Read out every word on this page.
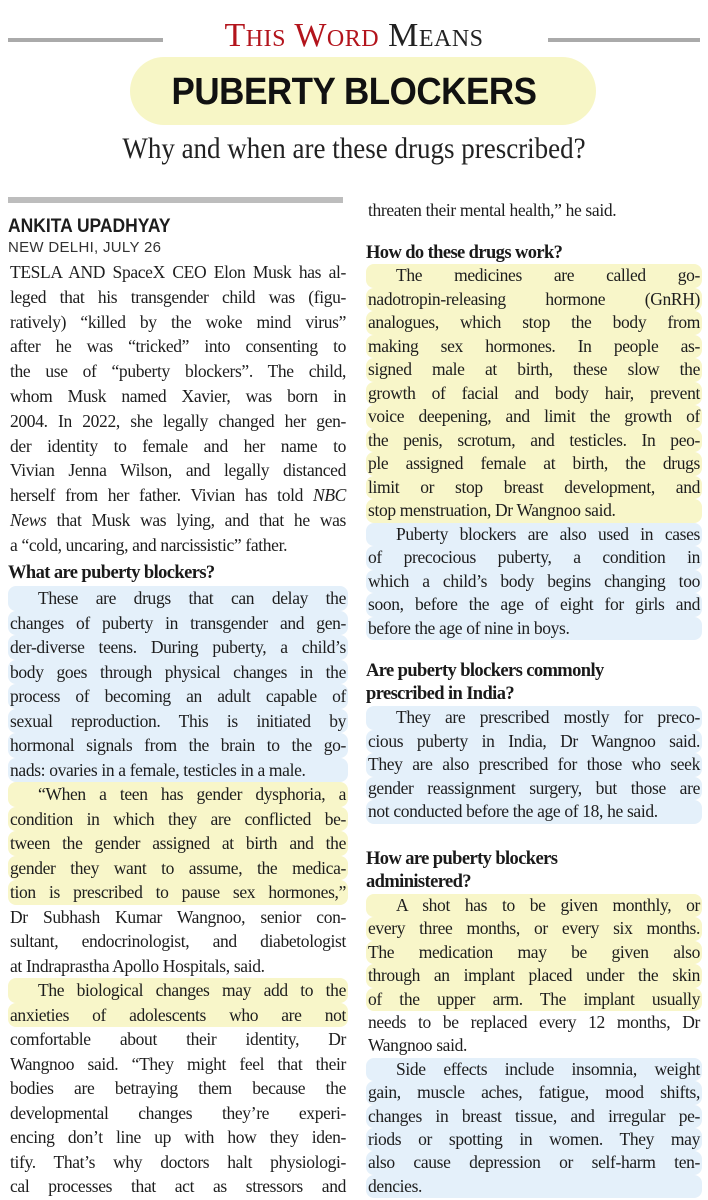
This Word Means
PUBERTY BLOCKERS
Why and when are these drugs prescribed?
ANKITA UPADHYAY
NEW DELHI, JULY 26
TESLA AND SpaceX CEO Elon Musk has al-
leged that his transgender child was (figu-
ratively) “killed by the woke mind virus”
after he was “tricked” into consenting to
the use of “puberty blockers”. The child,
whom Musk named Xavier, was born in
2004. In 2022, she legally changed her gen-
der identity to female and her name to
Vivian Jenna Wilson, and legally distanced
herself from her father. Vivian has told NBC
News that Musk was lying, and that he was
a “cold, uncaring, and narcissistic” father.
What are puberty blockers?
These are drugs that can delay the
changes of puberty in transgender and gen-
der-diverse teens. During puberty, a child’s
body goes through physical changes in the
process of becoming an adult capable of
sexual reproduction. This is initiated by
hormonal signals from the brain to the go-
nads: ovaries in a female, testicles in a male.
“When a teen has gender dysphoria, a
condition in which they are conflicted be-
tween the gender assigned at birth and the
gender they want to assume, the medica-
tion is prescribed to pause sex hormones,”
Dr Subhash Kumar Wangnoo, senior con-
sultant, endocrinologist, and diabetologist
at Indraprastha Apollo Hospitals, said.
The biological changes may add to the
anxieties of adolescents who are not
comfortable about their identity, Dr
Wangnoo said. “They might feel that their
bodies are betraying them because the
developmental changes they’re experi-
encing don’t line up with how they iden-
tify. That’s why doctors halt physiologi-
cal processes that act as stressors and
threaten their mental health,” he said.
How do these drugs work?
The medicines are called go-
nadotropin-releasing hormone (GnRH)
analogues, which stop the body from
making sex hormones. In people as-
signed male at birth, these slow the
growth of facial and body hair, prevent
voice deepening, and limit the growth of
the penis, scrotum, and testicles. In peo-
ple assigned female at birth, the drugs
limit or stop breast development, and
stop menstruation, Dr Wangnoo said.
Puberty blockers are also used in cases
of precocious puberty, a condition in
which a child’s body begins changing too
soon, before the age of eight for girls and
before the age of nine in boys.
Are puberty blockers commonly
prescribed in India?
They are prescribed mostly for preco-
cious puberty in India, Dr Wangnoo said.
They are also prescribed for those who seek
gender reassignment surgery, but those are
not conducted before the age of 18, he said.
How are puberty blockers
administered?
A shot has to be given monthly, or
every three months, or every six months.
The medication may be given also
through an implant placed under the skin
of the upper arm. The implant usually
needs to be replaced every 12 months, Dr
Wangnoo said.
Side effects include insomnia, weight
gain, muscle aches, fatigue, mood shifts,
changes in breast tissue, and irregular pe-
riods or spotting in women. They may
also cause depression or self-harm ten-
dencies.
